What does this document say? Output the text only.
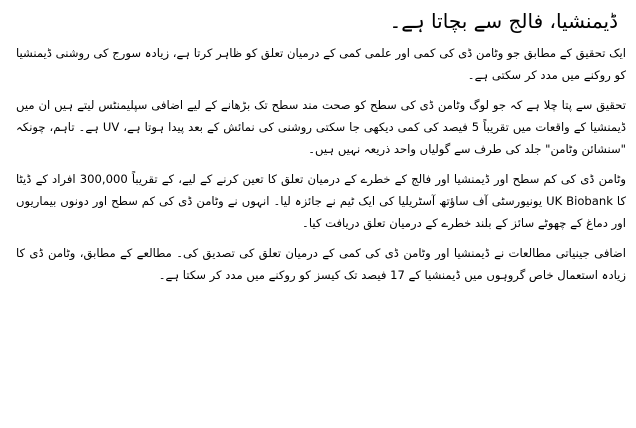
ڈیمنشیا، فالج سے بچاتا ہے۔

ایک تحقیق کے مطابق جو وٹامن ڈی کی کمی اور علمی کمی کے درمیان تعلق کو ظاہر کرتا ہے، زیادہ سورج کی روشنی ڈیمنشیا کو روکنے میں مدد کر سکتی ہے۔

تحقیق سے پتا چلا ہے کہ جو لوگ وٹامن ڈی کی سطح کو صحت مند سطح تک بڑھانے کے لیے اضافی سپلیمنٹس لیتے ہیں ان میں ڈیمنشیا کے واقعات میں تقریباً 5 فیصد کی کمی دیکھی جا سکتی روشنی کی نمائش کے بعد پیدا ہوتا ہے، UV ہے۔ تاہم، چونکہ "سنشائن وٹامن" جلد کی طرف سے گولیاں واحد ذریعہ نہیں ہیں۔

وٹامن ڈی کی کم سطح اور ڈیمنشیا اور فالج کے خطرے کے درمیان تعلق کا تعین کرنے کے لیے، کے تقریباً 300,000 افراد کے ڈیٹا کا UK Biobank یونیورسٹی آف ساؤتھ آسٹریلیا کی ایک ٹیم نے جائزہ لیا۔ انہوں نے وٹامن ڈی کی کم سطح اور دونوں بیماریوں اور دماغ کے چھوٹے سائز کے بلند خطرے کے درمیان تعلق دریافت کیا۔

اضافی جینیاتی مطالعات نے ڈیمنشیا اور وٹامن ڈی کی کمی کے درمیان تعلق کی تصدیق کی۔ مطالعے کے مطابق، وٹامن ڈی کا زیادہ استعمال خاص گروہوں میں ڈیمنشیا کے 17 فیصد تک کیسز کو روکنے میں مدد کر سکتا ہے۔
